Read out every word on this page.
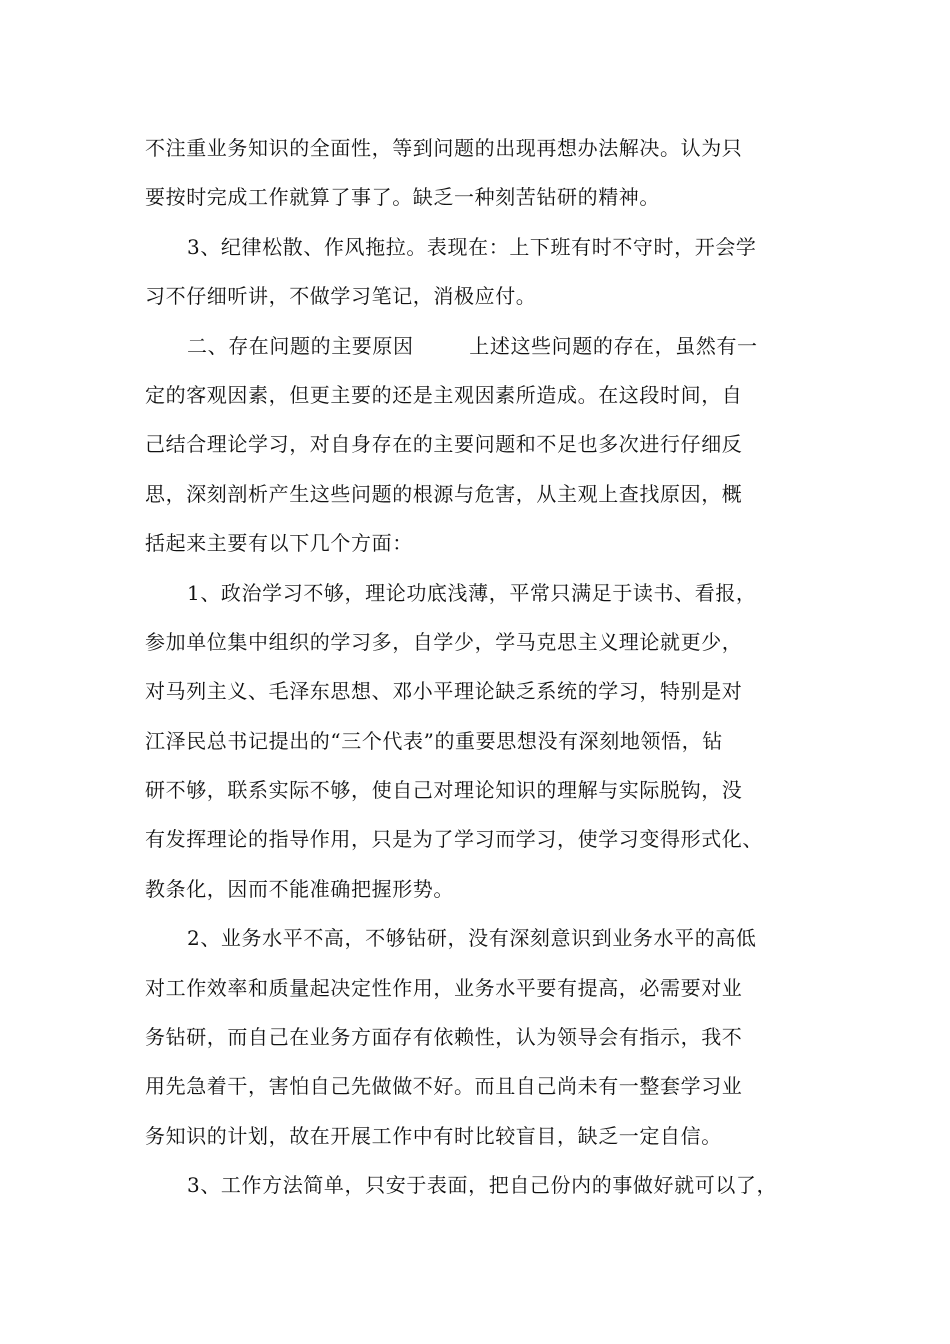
不注重业务知识的全面性，等到问题的出现再想办法解决。认为只
要按时完成工作就算了事了。缺乏一种刻苦钻研的精神。
3、纪律松散、作风拖拉。表现在：上下班有时不守时，开会学
习不仔细听讲，不做学习笔记，消极应付。
二、存在问题的主要原因        上述这些问题的存在，虽然有一
定的客观因素，但更主要的还是主观因素所造成。在这段时间，自
己结合理论学习，对自身存在的主要问题和不足也多次进行仔细反
思，深刻剖析产生这些问题的根源与危害，从主观上查找原因，概
括起来主要有以下几个方面：
1、政治学习不够，理论功底浅薄，平常只满足于读书、看报，
参加单位集中组织的学习多，自学少，学马克思主义理论就更少，
对马列主义、毛泽东思想、邓小平理论缺乏系统的学习，特别是对
江泽民总书记提出的“三个代表”的重要思想没有深刻地领悟，钻
研不够，联系实际不够，使自己对理论知识的理解与实际脱钩，没
有发挥理论的指导作用，只是为了学习而学习，使学习变得形式化、
教条化，因而不能准确把握形势。
2、业务水平不高，不够钻研，没有深刻意识到业务水平的高低
对工作效率和质量起决定性作用，业务水平要有提高，必需要对业
务钻研，而自己在业务方面存有依赖性，认为领导会有指示，我不
用先急着干，害怕自己先做做不好。而且自己尚未有一整套学习业
务知识的计划，故在开展工作中有时比较盲目，缺乏一定自信。
3、工作方法简单，只安于表面，把自己份内的事做好就可以了，
